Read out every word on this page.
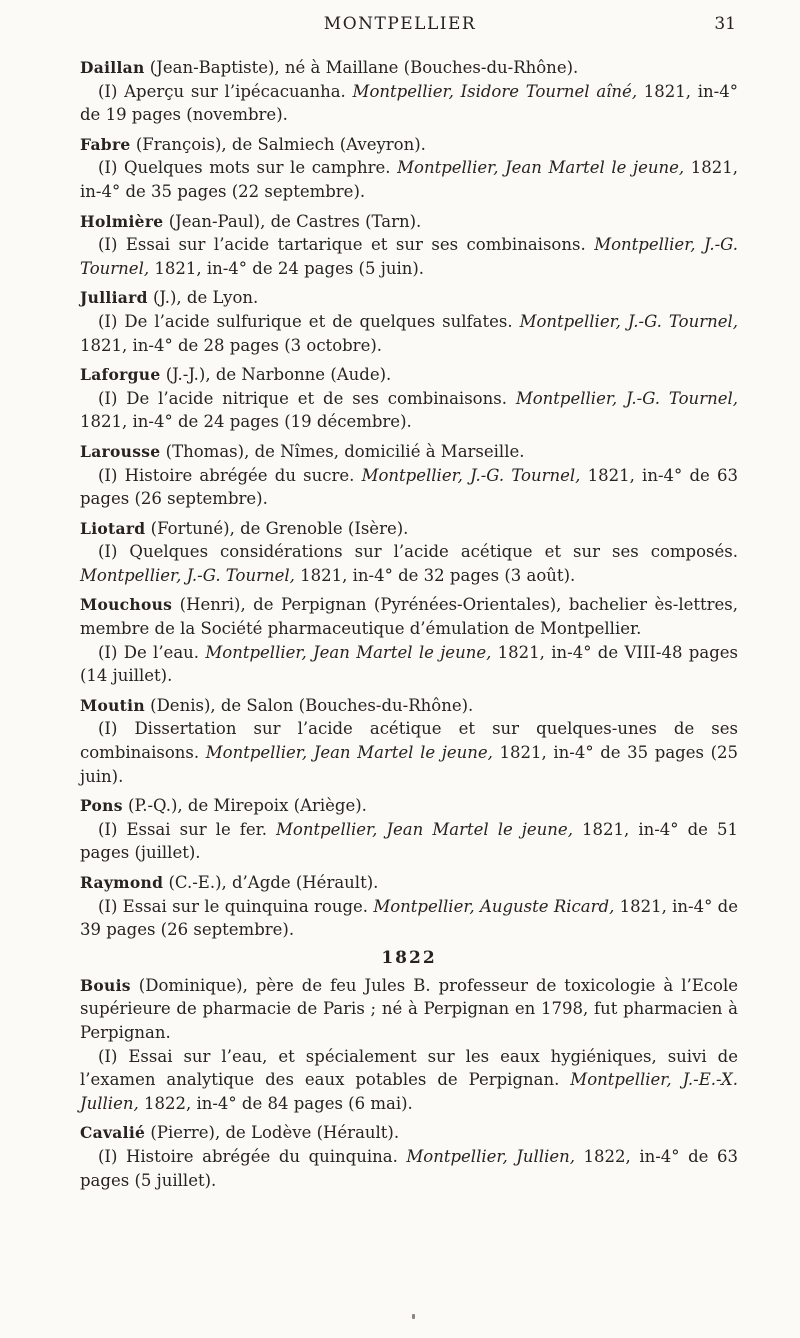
MONTPELLIER	31
Daillan (Jean-Baptiste), né à Maillane (Bouches-du-Rhône).
(I) Aperçu sur l’ipécacuanha. Montpellier, Isidore Tournel aîné, 1821, in-4° de 19 pages (novembre).
Fabre (François), de Salmiech (Aveyron).
(I) Quelques mots sur le camphre. Montpellier, Jean Martel le jeune, 1821, in-4° de 35 pages (22 septembre).
Holmière (Jean-Paul), de Castres (Tarn).
(I) Essai sur l’acide tartarique et sur ses combinaisons. Montpellier, J.-G. Tournel, 1821, in-4° de 24 pages (5 juin).
Julliard (J.), de Lyon.
(I) De l’acide sulfurique et de quelques sulfates. Montpellier, J.-G. Tournel, 1821, in-4° de 28 pages (3 octobre).
Laforgue (J.-J.), de Narbonne (Aude).
(I) De l’acide nitrique et de ses combinaisons. Montpellier, J.-G. Tournel, 1821, in-4° de 24 pages (19 décembre).
Larousse (Thomas), de Nîmes, domicilié à Marseille.
(I) Histoire abrégée du sucre. Montpellier, J.-G. Tournel, 1821, in-4° de 63 pages (26 septembre).
Liotard (Fortuné), de Grenoble (Isère).
(I) Quelques considérations sur l’acide acétique et sur ses composés. Montpellier, J.-G. Tournel, 1821, in-4° de 32 pages (3 août).
Mouchous (Henri), de Perpignan (Pyrénées-Orientales), bachelier ès-lettres, membre de la Société pharmaceutique d’émulation de Montpellier.
(I) De l’eau. Montpellier, Jean Martel le jeune, 1821, in-4° de VIII-48 pages (14 juillet).
Moutin (Denis), de Salon (Bouches-du-Rhône).
(I) Dissertation sur l’acide acétique et sur quelques-unes de ses combinaisons. Montpellier, Jean Martel le jeune, 1821, in-4° de 35 pages (25 juin).
Pons (P.-Q.), de Mirepoix (Ariège).
(I) Essai sur le fer. Montpellier, Jean Martel le jeune, 1821, in-4° de 51 pages (juillet).
Raymond (C.-E.), d’Agde (Hérault).
(I) Essai sur le quinquina rouge. Montpellier, Auguste Ricard, 1821, in-4° de 39 pages (26 septembre).
1822
Bouis (Dominique), père de feu Jules B. professeur de toxicologie à l’Ecole supérieure de pharmacie de Paris ; né à Perpignan en 1798, fut pharmacien à Perpignan.
(I) Essai sur l’eau, et spécialement sur les eaux hygiéniques, suivi de l’examen analytique des eaux potables de Perpignan. Montpellier, J.-E.-X. Jullien, 1822, in-4° de 84 pages (6 mai).
Cavalié (Pierre), de Lodève (Hérault).
(I) Histoire abrégée du quinquina. Montpellier, Jullien, 1822, in-4° de 63 pages (5 juillet).
